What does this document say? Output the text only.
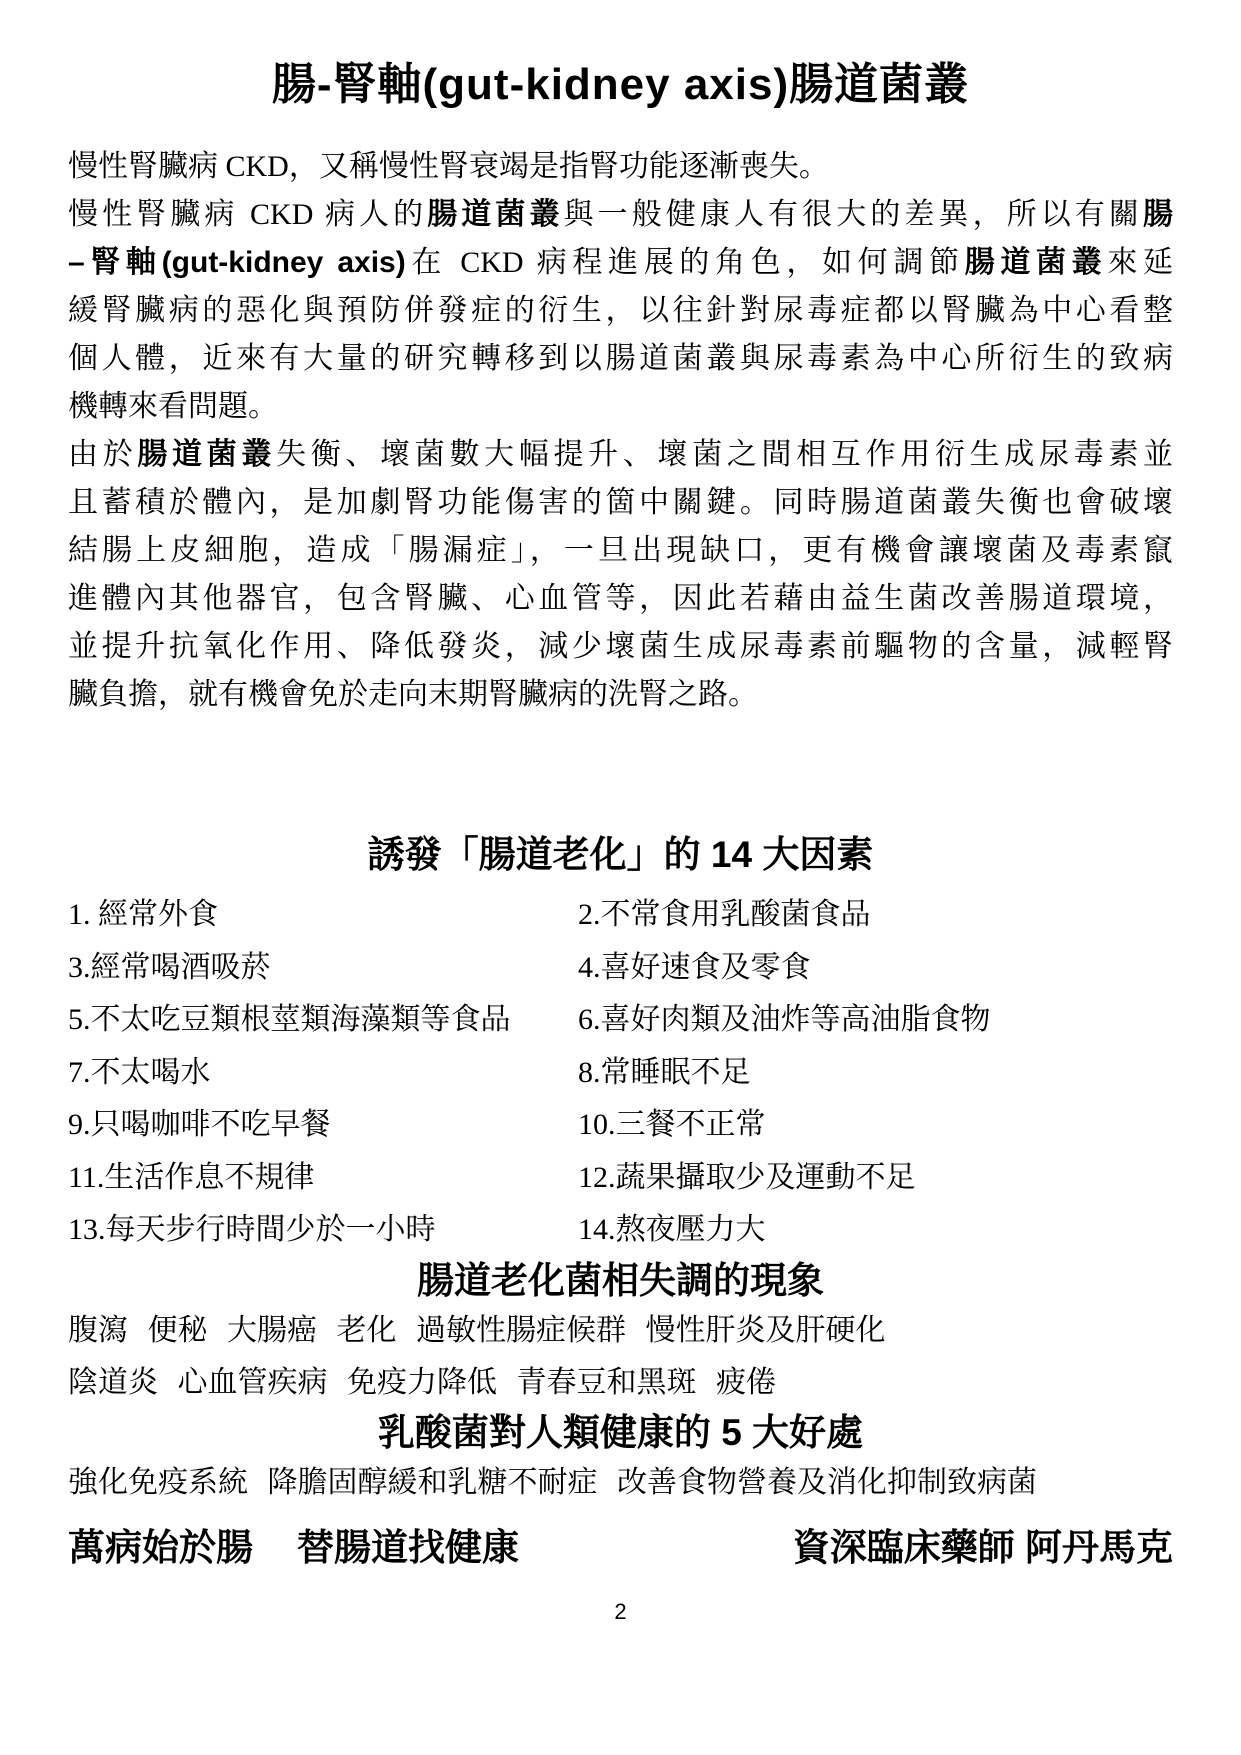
腸-腎軸(gut-kidney axis)腸道菌叢
慢性腎臟病 CKD，又稱慢性腎衰竭是指腎功能逐漸喪失。
慢性腎臟病 CKD 病人的腸道菌叢與一般健康人有很大的差異，所以有關腸
–腎軸(gut-kidney axis)在 CKD 病程進展的角色，如何調節腸道菌叢來延
緩腎臟病的惡化與預防併發症的衍生，以往針對尿毒症都以腎臟為中心看整
個人體，近來有大量的研究轉移到以腸道菌叢與尿毒素為中心所衍生的致病
機轉來看問題。
由於腸道菌叢失衡、壞菌數大幅提升、壞菌之間相互作用衍生成尿毒素並
且蓄積於體內，是加劇腎功能傷害的箇中關鍵。同時腸道菌叢失衡也會破壞
結腸上皮細胞，造成「腸漏症」，一旦出現缺口，更有機會讓壞菌及毒素竄
進體內其他器官，包含腎臟、心血管等，因此若藉由益生菌改善腸道環境，
並提升抗氧化作用、降低發炎，減少壞菌生成尿毒素前驅物的含量，減輕腎
臟負擔，就有機會免於走向末期腎臟病的洗腎之路。
誘發「腸道老化」的 14 大因素
1. 經常外食	2.不常食用乳酸菌食品
3.經常喝酒吸菸	4.喜好速食及零食
5.不太吃豆類根莖類海藻類等食品	6.喜好肉類及油炸等高油脂食物
7.不太喝水	8.常睡眠不足
9.只喝咖啡不吃早餐	10.三餐不正常
11.生活作息不規律	12.蔬果攝取少及運動不足
13.每天步行時間少於一小時	14.熬夜壓力大
腸道老化菌相失調的現象
腹瀉 便秘 大腸癌 老化 過敏性腸症候群 慢性肝炎及肝硬化
陰道炎 心血管疾病 免疫力降低 青春豆和黑斑 疲倦
乳酸菌對人類健康的 5 大好處
強化免疫系統 降膽固醇緩和乳糖不耐症 改善食物營養及消化抑制致病菌
萬病始於腸 替腸道找健康	資深臨床藥師 阿丹馬克
2
